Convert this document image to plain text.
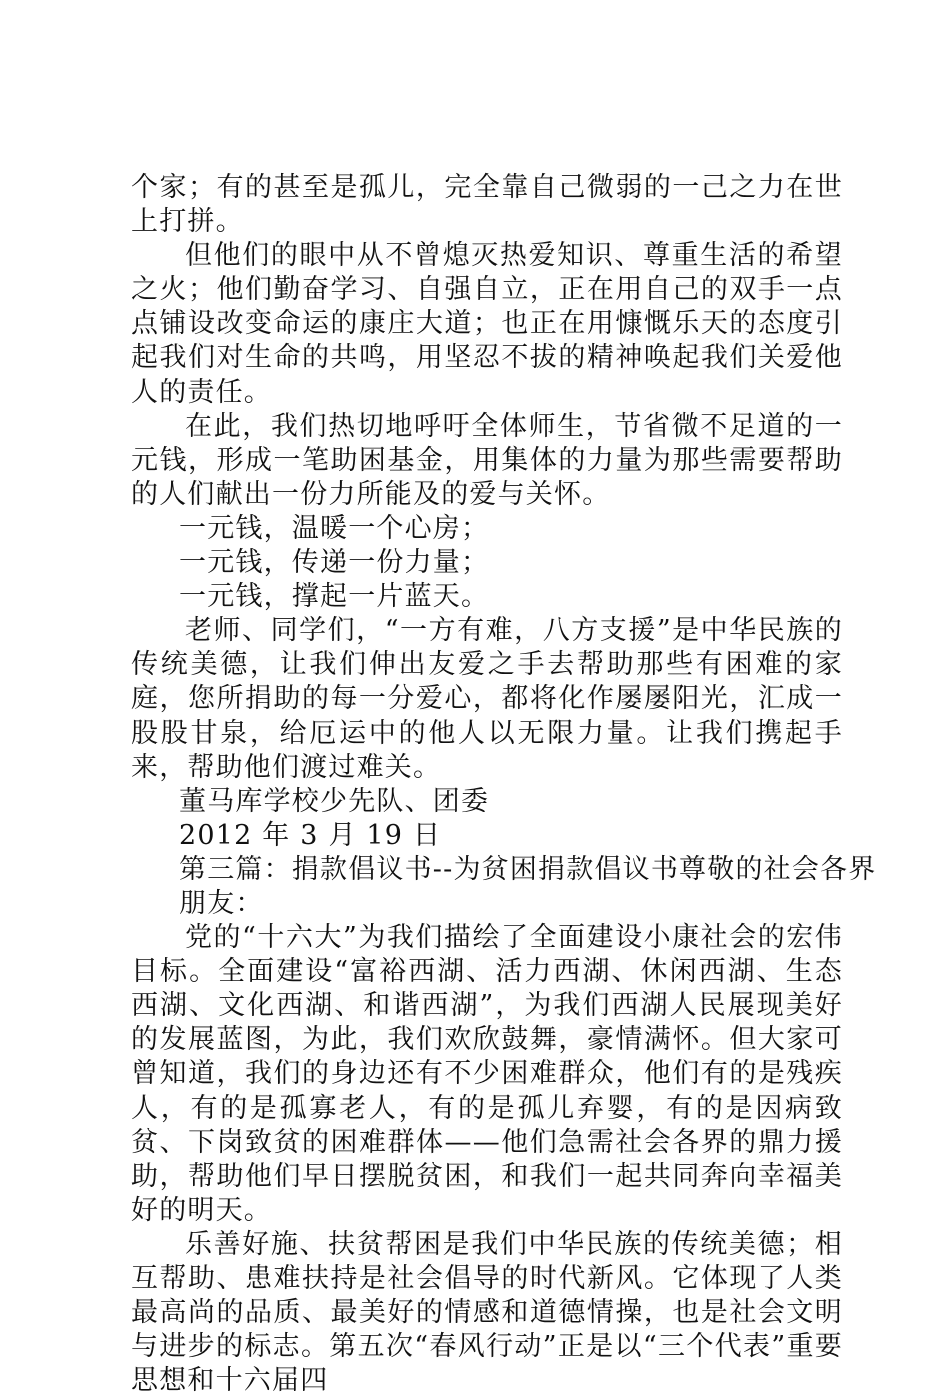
个家；有的甚至是孤儿，完全靠自己微弱的一己之力在世上打拼。

但他们的眼中从不曾熄灭热爱知识、尊重生活的希望之火；他们勤奋学习、自强自立，正在用自己的双手一点点铺设改变命运的康庄大道；也正在用慷慨乐天的态度引起我们对生命的共鸣，用坚忍不拔的精神唤起我们关爱他人的责任。

在此，我们热切地呼吁全体师生，节省微不足道的一元钱，形成一笔助困基金，用集体的力量为那些需要帮助的人们献出一份力所能及的爱与关怀。

一元钱，温暖一个心房；

一元钱，传递一份力量；

一元钱，撑起一片蓝天。

老师、同学们，“一方有难，八方支援”是中华民族的传统美德，让我们伸出友爱之手去帮助那些有困难的家庭，您所捐助的每一分爱心，都将化作屡屡阳光，汇成一股股甘泉，给厄运中的他人以无限力量。让我们携起手来，帮助他们渡过难关。

董马库学校少先队、团委

2012 年 3 月 19 日

第三篇：捐款倡议书--为贫困捐款倡议书尊敬的社会各界

朋友：

党的“十六大”为我们描绘了全面建设小康社会的宏伟目标。全面建设“富裕西湖、活力西湖、休闲西湖、生态西湖、文化西湖、和谐西湖”，为我们西湖人民展现美好的发展蓝图，为此，我们欢欣鼓舞，豪情满怀。但大家可曾知道，我们的身边还有不少困难群众，他们有的是残疾人，有的是孤寡老人，有的是孤儿弃婴，有的是因病致贫、下岗致贫的困难群体——他们急需社会各界的鼎力援助，帮助他们早日摆脱贫困，和我们一起共同奔向幸福美好的明天。

乐善好施、扶贫帮困是我们中华民族的传统美德；相互帮助、患难扶持是社会倡导的时代新风。它体现了人类最高尚的品质、最美好的情感和道德情操，也是社会文明与进步的标志。第五次“春风行动”正是以“三个代表”重要思想和十六届四
